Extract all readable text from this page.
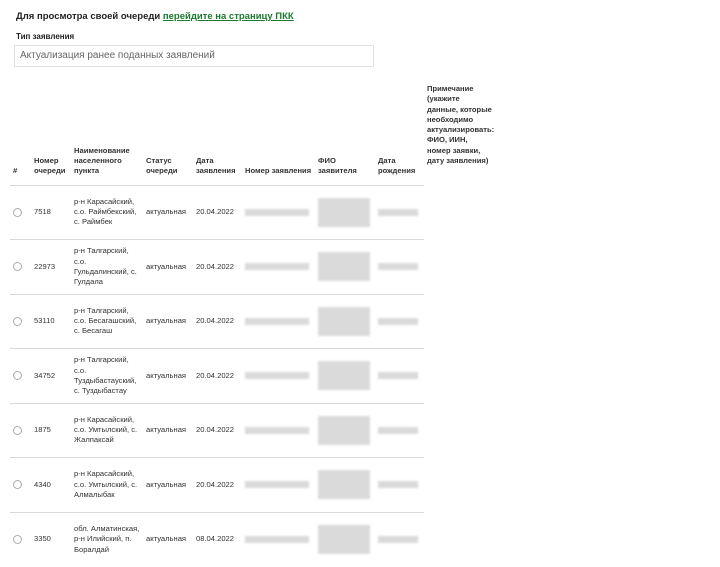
Для просмотра своей очереди перейдите на страницу ПКК
Тип заявления
Актуализация ранее поданных заявлений
#	Номер очереди	Наименование населенного пункта	Статус очереди	Дата заявления	Номер заявления	ФИО заявителя	Дата рождения	Примечание (укажите данные, которые необходимо актуализировать: ФИО, ИИН, номер заявки, дату заявления)
	7518	р-н Карасайский, с.о. Раймбекский, с. Раймбек	актуальная	20.04.2022				
	22973	р-н Талгарский, с.о. Гульдалинский, с. Гулдала	актуальная	20.04.2022				
	53110	р-н Талгарский, с.о. Бесагашский, с. Бесагаш	актуальная	20.04.2022				
	34752	р-н Талгарский, с.о. Туздыбастауский, с. Туздыбастау	актуальная	20.04.2022				
	1875	р-н Карасайский, с.о. Умтылский, с. Жалпаксай	актуальная	20.04.2022				
	4340	р-н Карасайский, с.о. Умтылский, с. Алмалыбак	актуальная	20.04.2022				
	3350	обл. Алматинская, р-н Илийский, п. Боралдай	актуальная	08.04.2022				
